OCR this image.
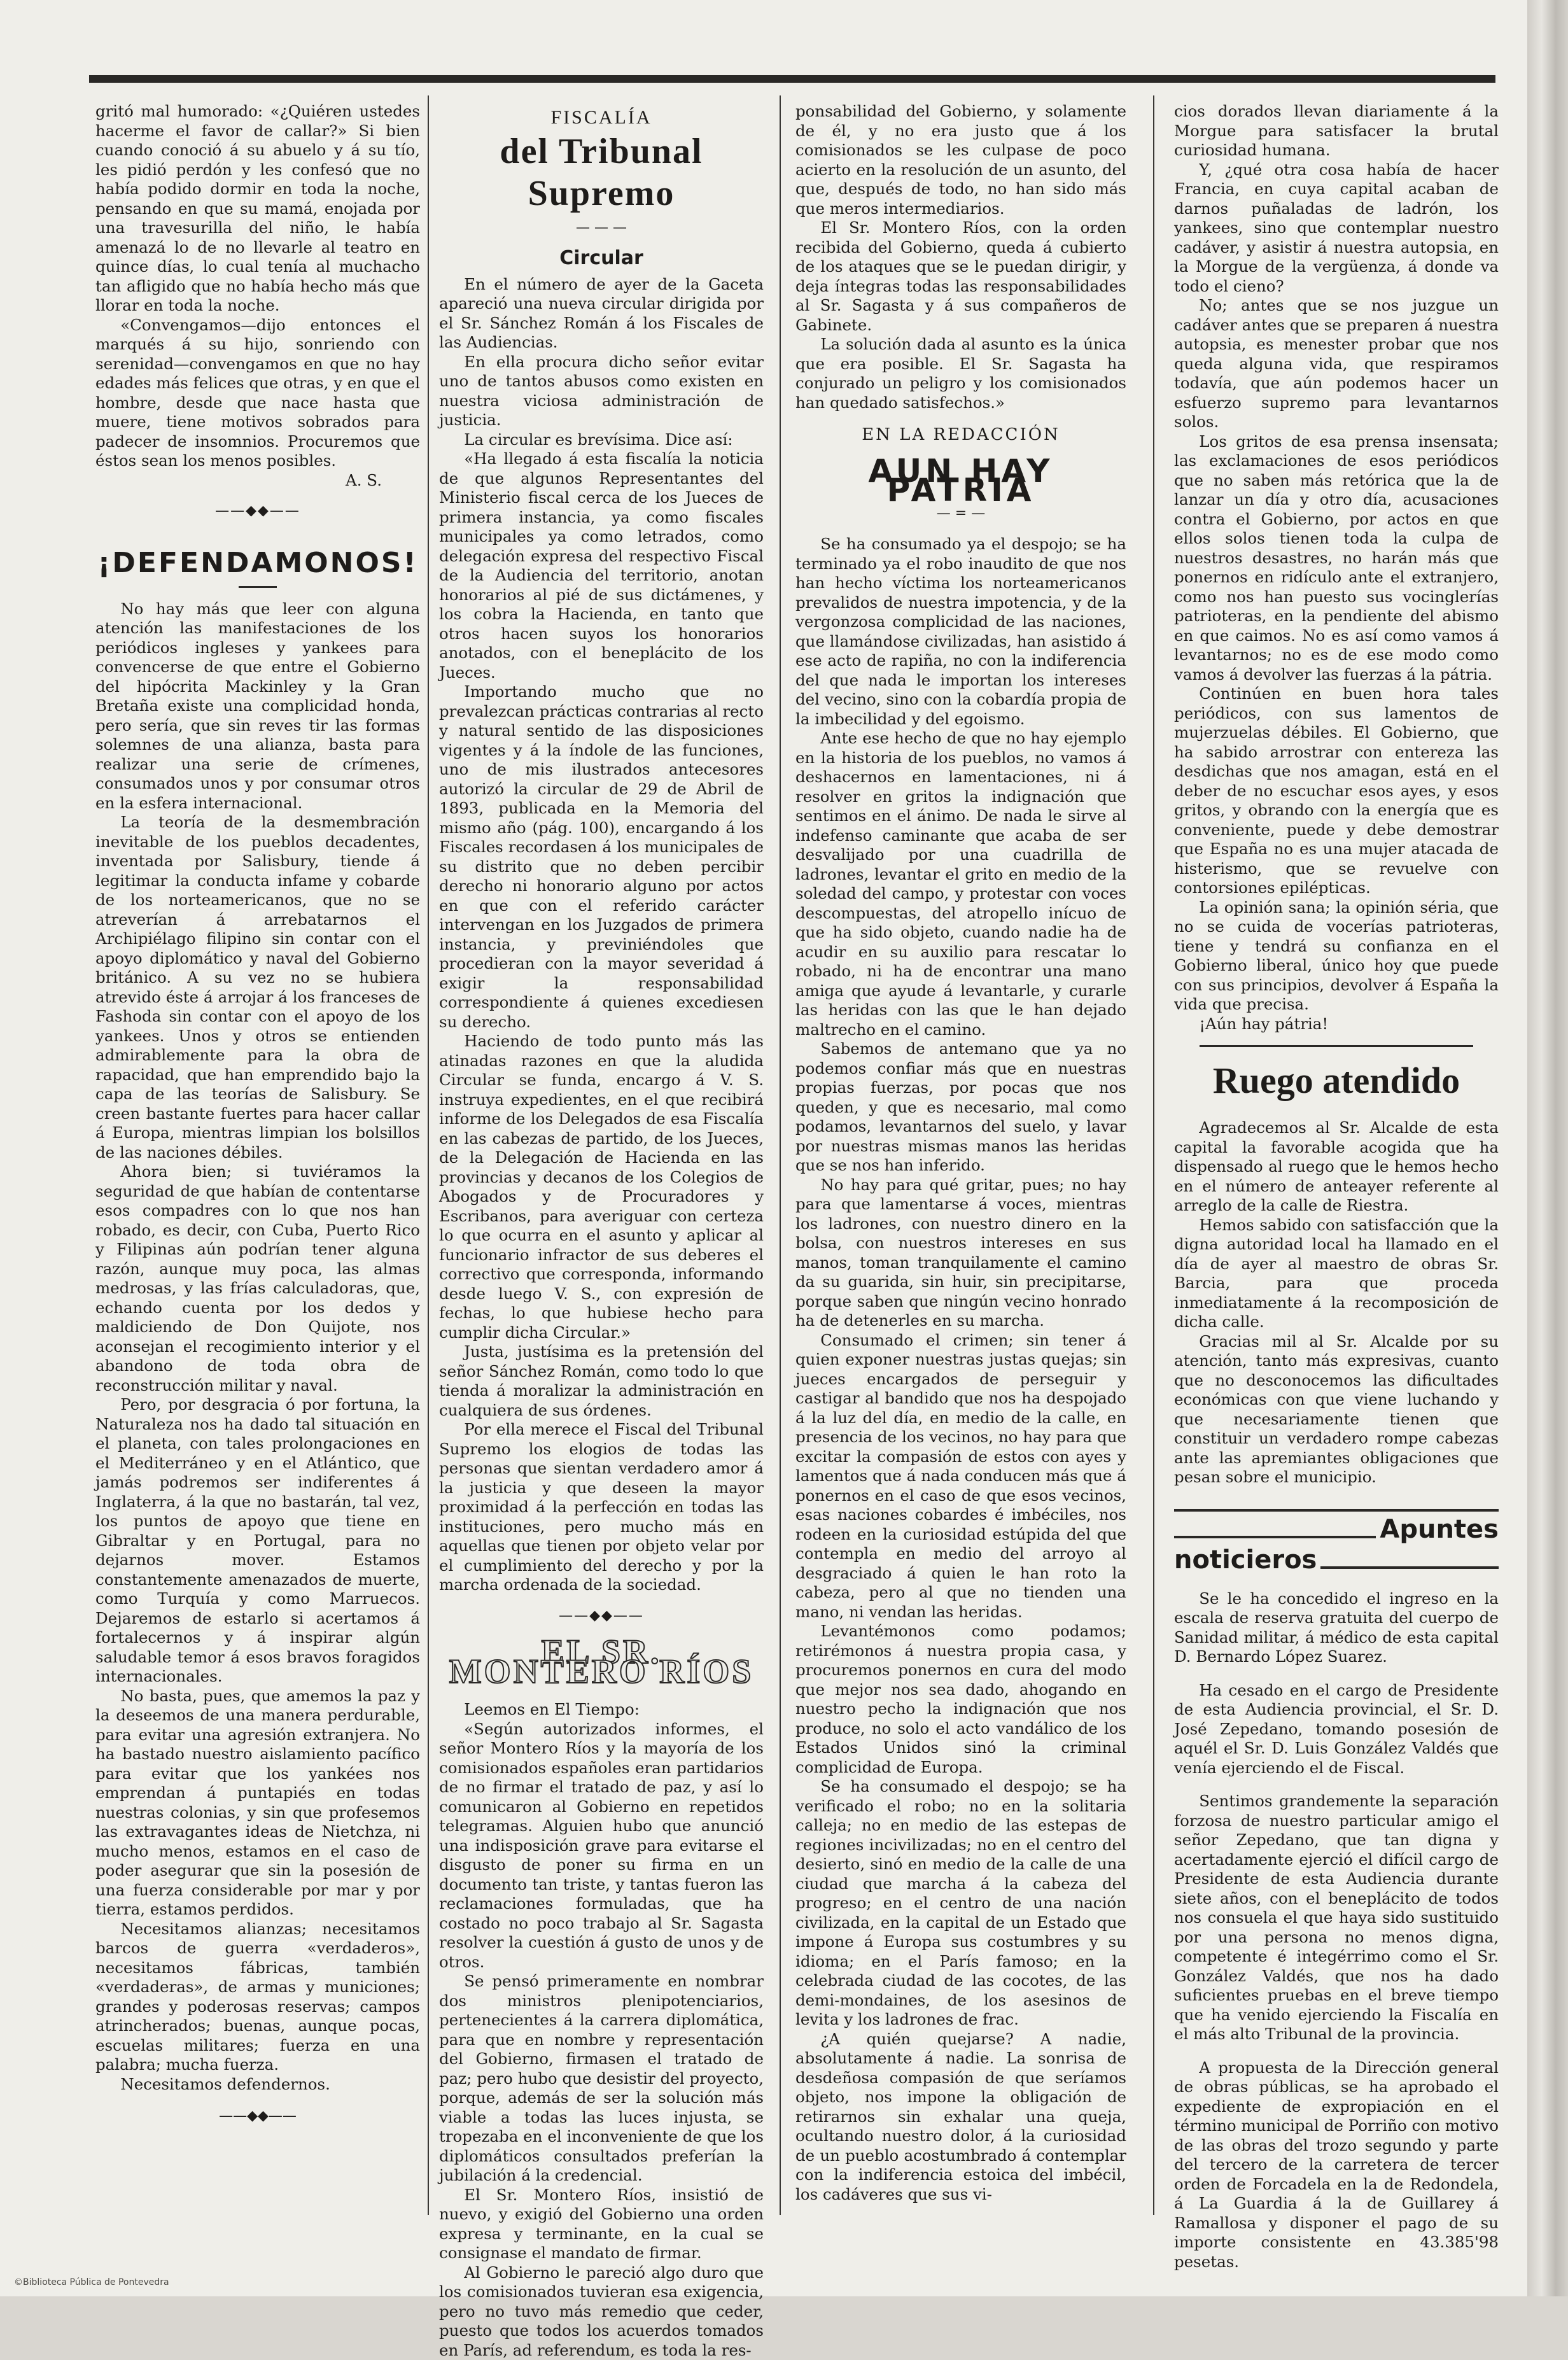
gritó mal humorado: «¿Quiéren ustedes hacerme el favor de callar?» Si bien cuando conoció á su abuelo y á su tío, les pidió perdón y les confesó que no había podido dormir en toda la noche, pensando en que su mamá, enojada por una travesurilla del niño, le había amenazá lo de no llevarle al teatro en quince días, lo cual tenía al muchacho tan afligido que no había hecho más que llorar en toda la noche.

«Convengamos—dijo entonces el marqués á su hijo, sonriendo con serenidad—convengamos en que no hay edades más felices que otras, y en que el hombre, desde que nace hasta que muere, tiene motivos sobrados para padecer de insomnios. Procuremos que éstos sean los menos posibles.

A. S.

——◆◆——
¡DEFENDAMONOS!

No hay más que leer con alguna atención las manifestaciones de los periódicos ingleses y yankees para convencerse de que entre el Gobierno del hipócrita Mackinley y la Gran Bretaña existe una complicidad honda, pero sería, que sin reves tir las formas solemnes de una alianza, basta para realizar una serie de crímenes, consumados unos y por consumar otros en la esfera internacional.

La teoría de la desmembración inevitable de los pueblos decadentes, inventada por Salisbury, tiende á legitimar la conducta infame y cobarde de los norteamericanos, que no se atreverían á arrebatarnos el Archipiélago filipino sin contar con el apoyo diplomático y naval del Gobierno británico. A su vez no se hubiera atrevido éste á arrojar á los franceses de Fashoda sin contar con el apoyo de los yankees. Unos y otros se entienden admirablemente para la obra de rapacidad, que han emprendido bajo la capa de las teorías de Salisbury. Se creen bastante fuertes para hacer callar á Europa, mientras limpian los bolsillos de las naciones débiles.

Ahora bien; si tuviéramos la seguridad de que habían de contentarse esos compadres con lo que nos han robado, es decir, con Cuba, Puerto Rico y Filipinas aún podrían tener alguna razón, aunque muy poca, las almas medrosas, y las frías calculadoras, que, echando cuenta por los dedos y maldiciendo de Don Quijote, nos aconsejan el recogimiento interior y el abandono de toda obra de reconstrucción militar y naval.

Pero, por desgracia ó por fortuna, la Naturaleza nos ha dado tal situación en el planeta, con tales prolongaciones en el Mediterráneo y en el Atlántico, que jamás podremos ser indiferentes á Inglaterra, á la que no bastarán, tal vez, los puntos de apoyo que tiene en Gibraltar y en Portugal, para no dejarnos mover. Estamos constantemente amenazados de muerte, como Turquía y como Marruecos. Dejaremos de estarlo si acertamos á fortalecernos y á inspirar algún saludable temor á esos bravos foragidos internacionales.

No basta, pues, que amemos la paz y la deseemos de una manera perdurable, para evitar una agresión extranjera. No ha bastado nuestro aislamiento pacífico para evitar que los yankées nos emprendan á puntapiés en todas nuestras colonias, y sin que profesemos las extravagantes ideas de Nietchza, ni mucho menos, estamos en el caso de poder asegurar que sin la posesión de una fuerza considerable por mar y por tierra, estamos perdidos.

Necesitamos alianzas; necesitamos barcos de guerra «verdaderos», necesitamos fábricas, también «verdaderas», de armas y municiones; grandes y poderosas reservas; campos atrincherados; buenas, aunque pocas, escuelas militares; fuerza en una palabra; mucha fuerza.

Necesitamos defendernos.

——◆◆——
FISCALÍA
del Tribunal Supremo
— — —
Circular

En el número de ayer de la Gaceta apareció una nueva circular dirigida por el Sr. Sánchez Román á los Fiscales de las Audiencias.

En ella procura dicho señor evitar uno de tantos abusos como existen en nuestra viciosa administración de justicia.

La circular es brevísima. Dice así:

«Ha llegado á esta fiscalía la noticia de que algunos Representantes del Ministerio fiscal cerca de los Jueces de primera instancia, ya como fiscales municipales ya como letrados, como delegación expresa del respectivo Fiscal de la Audiencia del territorio, anotan honorarios al pié de sus dictámenes, y los cobra la Hacienda, en tanto que otros hacen suyos los honorarios anotados, con el beneplácito de los Jueces.

Importando mucho que no prevalezcan prácticas contrarias al recto y natural sentido de las disposiciones vigentes y á la índole de las funciones, uno de mis ilustrados antecesores autorizó la circular de 29 de Abril de 1893, publicada en la Memoria del mismo año (pág. 100), encargando á los Fiscales recordasen á los municipales de su distrito que no deben percibir derecho ni honorario alguno por actos en que con el referido carácter intervengan en los Juzgados de primera instancia, y previniéndoles que procedieran con la mayor severidad á exigir la responsabilidad correspondiente á quienes excediesen su derecho.

Haciendo de todo punto más las atinadas razones en que la aludida Circular se funda, encargo á V. S. instruya expedientes, en el que recibirá informe de los Delegados de esa Fiscalía en las cabezas de partido, de los Jueces, de la Delegación de Hacienda en las provincias y decanos de los Colegios de Abogados y de Procuradores y Escribanos, para averiguar con certeza lo que ocurra en el asunto y aplicar al funcionario infractor de sus deberes el correctivo que corresponda, informando desde luego V. S., con expresión de fechas, lo que hubiese hecho para cumplir dicha Circular.»

Justa, justísima es la pretensión del señor Sánchez Román, como todo lo que tienda á moralizar la administración en cualquiera de sus órdenes.

Por ella merece el Fiscal del Tribunal Supremo los elogios de todas las personas que sientan verdadero amor á la justicia y que deseen la mayor proximidad á la perfección en todas las instituciones, pero mucho más en aquellas que tienen por objeto velar por el cumplimiento del derecho y por la marcha ordenada de la sociedad.

——◆◆——
EL SR. MONTERO RÍOS

Leemos en El Tiempo:

«Según autorizados informes, el señor Montero Ríos y la mayoría de los comisionados españoles eran partidarios de no firmar el tratado de paz, y así lo comunicaron al Gobierno en repetidos telegramas. Alguien hubo que anunció una indisposición grave para evitarse el disgusto de poner su firma en un documento tan triste, y tantas fueron las reclamaciones formuladas, que ha costado no poco trabajo al Sr. Sagasta resolver la cuestión á gusto de unos y de otros.

Se pensó primeramente en nombrar dos ministros plenipotenciarios, pertenecientes á la carrera diplomática, para que en nombre y representación del Gobierno, firmasen el tratado de paz; pero hubo que desistir del proyecto, porque, además de ser la solución más viable a todas las luces injusta, se tropezaba en el inconveniente de que los diplomáticos consultados preferían la jubilación á la credencial.

El Sr. Montero Ríos, insistió de nuevo, y exigió del Gobierno una orden expresa y terminante, en la cual se consignase el mandato de firmar.

Al Gobierno le pareció algo duro que los comisionados tuvieran esa exigencia, pero no tuvo más remedio que ceder, puesto que todos los acuerdos tomados en París, ad referendum, es toda la res-

ponsabilidad del Gobierno, y solamente de él, y no era justo que á los comisionados se les culpase de poco acierto en la resolución de un asunto, del que, después de todo, no han sido más que meros intermediarios.

El Sr. Montero Ríos, con la orden recibida del Gobierno, queda á cubierto de los ataques que se le puedan dirigir, y deja íntegras todas las responsabilidades al Sr. Sagasta y á sus compañeros de Gabinete.

La solución dada al asunto es la única que era posible. El Sr. Sagasta ha conjurado un peligro y los comisionados han quedado satisfechos.»

EN LA REDACCIÓN
AUN HAY PATRIA
— = —

Se ha consumado ya el despojo; se ha terminado ya el robo inaudito de que nos han hecho víctima los norteamericanos prevalidos de nuestra impotencia, y de la vergonzosa complicidad de las naciones, que llamándose civilizadas, han asistido á ese acto de rapiña, no con la indiferencia del que nada le importan los intereses del vecino, sino con la cobardía propia de la imbecilidad y del egoismo.

Ante ese hecho de que no hay ejemplo en la historia de los pueblos, no vamos á deshacernos en lamentaciones, ni á resolver en gritos la indignación que sentimos en el ánimo. De nada le sirve al indefenso caminante que acaba de ser desvalijado por una cuadrilla de ladrones, levantar el grito en medio de la soledad del campo, y protestar con voces descompuestas, del atropello inícuo de que ha sido objeto, cuando nadie ha de acudir en su auxilio para rescatar lo robado, ni ha de encontrar una mano amiga que ayude á levantarle, y curarle las heridas con las que le han dejado maltrecho en el camino.

Sabemos de antemano que ya no podemos confiar más que en nuestras propias fuerzas, por pocas que nos queden, y que es necesario, mal como podamos, levantarnos del suelo, y lavar por nuestras mismas manos las heridas que se nos han inferido.

No hay para qué gritar, pues; no hay para que lamentarse á voces, mientras los ladrones, con nuestro dinero en la bolsa, con nuestros intereses en sus manos, toman tranquilamente el camino da su guarida, sin huir, sin precipitarse, porque saben que ningún vecino honrado ha de detenerles en su marcha.

Consumado el crimen; sin tener á quien exponer nuestras justas quejas; sin jueces encargados de perseguir y castigar al bandido que nos ha despojado á la luz del día, en medio de la calle, en presencia de los vecinos, no hay para que excitar la compasión de estos con ayes y lamentos que á nada conducen más que á ponernos en el caso de que esos vecinos, esas naciones cobardes é imbéciles, nos rodeen en la curiosidad estúpida del que contempla en medio del arroyo al desgraciado á quien le han roto la cabeza, pero al que no tienden una mano, ni vendan las heridas.

Levantémonos como podamos; retirémonos á nuestra propia casa, y procuremos ponernos en cura del modo que mejor nos sea dado, ahogando en nuestro pecho la indignación que nos produce, no solo el acto vandálico de los Estados Unidos sinó la criminal complicidad de Europa.

Se ha consumado el despojo; se ha verificado el robo; no en la solitaria calleja; no en medio de las estepas de regiones incivilizadas; no en el centro del desierto, sinó en medio de la calle de una ciudad que marcha á la cabeza del progreso; en el centro de una nación civilizada, en la capital de un Estado que impone á Europa sus costumbres y su idioma; en el París famoso; en la celebrada ciudad de las cocotes, de las demi-mondaines, de los asesinos de levita y los ladrones de frac.

¿A quién quejarse? A nadie, absolutamente á nadie. La sonrisa de desdeñosa compasión de que seríamos objeto, nos impone la obligación de retirarnos sin exhalar una queja, ocultando nuestro dolor, á la curiosidad de un pueblo acostumbrado á contemplar con la indiferencia estoica del imbécil, los cadáveres que sus vi-

cios dorados llevan diariamente á la Morgue para satisfacer la brutal curiosidad humana.

Y, ¿qué otra cosa había de hacer Francia, en cuya capital acaban de darnos puñaladas de ladrón, los yankees, sino que contemplar nuestro cadáver, y asistir á nuestra autopsia, en la Morgue de la vergüenza, á donde va todo el cieno?

No; antes que se nos juzgue un cadáver antes que se preparen á nuestra autopsia, es menester probar que nos queda alguna vida, que respiramos todavía, que aún podemos hacer un esfuerzo supremo para levantarnos solos.

Los gritos de esa prensa insensata; las exclamaciones de esos periódicos que no saben más retórica que la de lanzar un día y otro día, acusaciones contra el Gobierno, por actos en que ellos solos tienen toda la culpa de nuestros desastres, no harán más que ponernos en ridículo ante el extranjero, como nos han puesto sus vocinglerías patrioteras, en la pendiente del abismo en que caimos. No es así como vamos á levantarnos; no es de ese modo como vamos á devolver las fuerzas á la pátria.

Continúen en buen hora tales periódicos, con sus lamentos de mujerzuelas débiles. El Gobierno, que ha sabido arrostrar con entereza las desdichas que nos amagan, está en el deber de no escuchar esos ayes, y esos gritos, y obrando con la energía que es conveniente, puede y debe demostrar que España no es una mujer atacada de histerismo, que se revuelve con contorsiones epilépticas.

La opinión sana; la opinión séria, que no se cuida de vocerías patrioteras, tiene y tendrá su confianza en el Gobierno liberal, único hoy que puede con sus principios, devolver á España la vida que precisa.

¡Aún hay pátria!

Ruego atendido

Agradecemos al Sr. Alcalde de esta capital la favorable acogida que ha dispensado al ruego que le hemos hecho en el número de anteayer referente al arreglo de la calle de Riestra.

Hemos sabido con satisfacción que la digna autoridad local ha llamado en el día de ayer al maestro de obras Sr. Barcia, para que proceda inmediatamente á la recomposición de dicha calle.

Gracias mil al Sr. Alcalde por su atención, tanto más expresivas, cuanto que no desconocemos las dificultades económicas con que viene luchando y que necesariamente tienen que constituir un verdadero rompe cabezas ante las apremiantes obligaciones que pesan sobre el municipio.

Apuntes
noticieros

Se le ha concedido el ingreso en la escala de reserva gratuita del cuerpo de Sanidad militar, á médico de esta capital D. Bernardo López Suarez.

Ha cesado en el cargo de Presidente de esta Audiencia provincial, el Sr. D. José Zepedano, tomando posesión de aquél el Sr. D. Luis González Valdés que venía ejerciendo el de Fiscal.

Sentimos grandemente la separación forzosa de nuestro particular amigo el señor Zepedano, que tan digna y acertadamente ejerció el difícil cargo de Presidente de esta Audiencia durante siete años, con el beneplácito de todos nos consuela el que haya sido sustituido por una persona no menos digna, competente é integérrimo como el Sr. González Valdés, que nos ha dado suficientes pruebas en el breve tiempo que ha venido ejerciendo la Fiscalía en el más alto Tribunal de la provincia.

A propuesta de la Dirección general de obras públicas, se ha aprobado el expediente de expropiación en el término municipal de Porriño con motivo de las obras del trozo segundo y parte del tercero de la carretera de tercer orden de Forcadela en la de Redondela, á La Guardia á la de Guillarey á Ramallosa y disponer el pago de su importe consistente en 43.385'98 pesetas.

©Biblioteca Pública de Pontevedra
